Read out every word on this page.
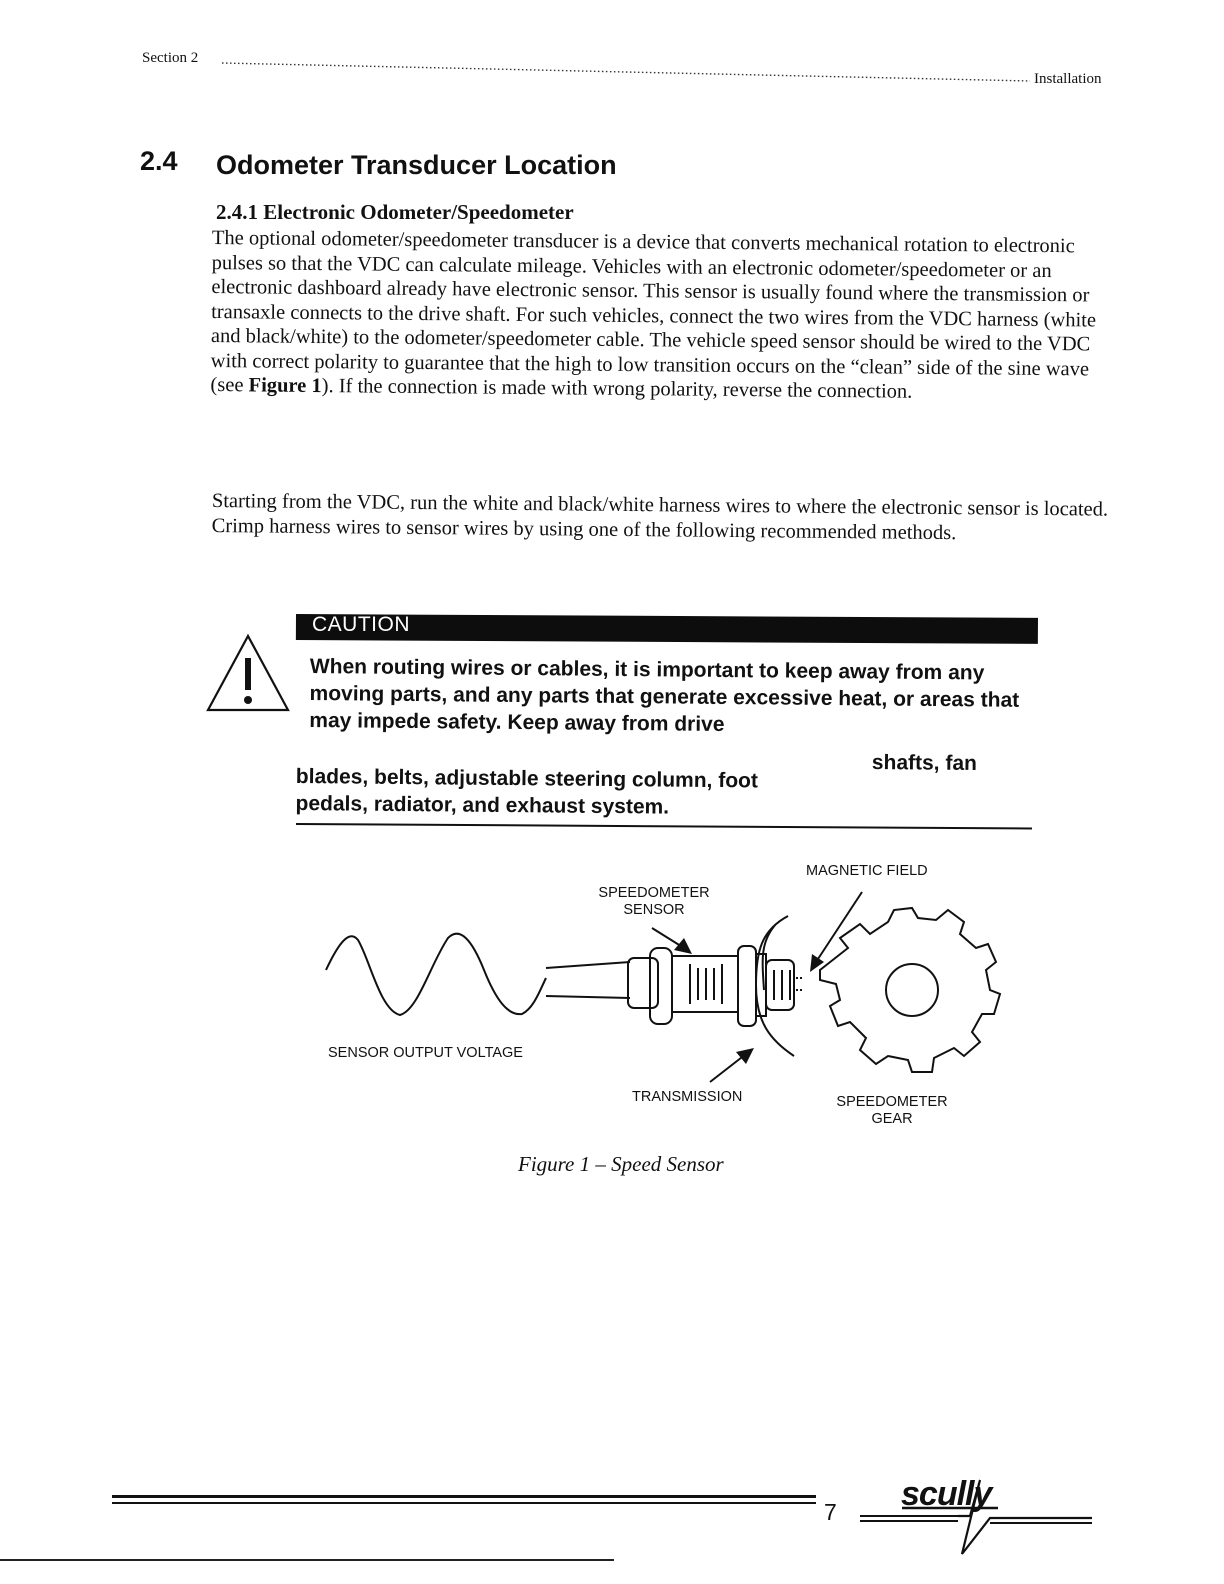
Section 2
Installation
2.4 Odometer Transducer Location
2.4.1 Electronic Odometer/Speedometer
The optional odometer/speedometer transducer is a device that converts mechanical rotation to electronic pulses so that the VDC can calculate mileage. Vehicles with an electronic odometer/speedometer or an electronic dashboard already have electronic sensor. This sensor is usually found where the transmission or transaxle connects to the drive shaft. For such vehicles, connect the two wires from the VDC harness (white and black/white) to the odometer/speedometer cable. The vehicle speed sensor should be wired to the VDC with correct polarity to guarantee that the high to low transition occurs on the “clean” side of the sine wave (see Figure 1). If the connection is made with wrong polarity, reverse the connection.
Starting from the VDC, run the white and black/white harness wires to where the electronic sensor is located. Crimp harness wires to sensor wires by using one of the following recommended methods.
CAUTION
When routing wires or cables, it is important to keep away from any moving parts, and any parts that generate excessive heat, or areas that may impede safety. Keep away from drive
shafts, fan
blades, belts, adjustable steering column, foot pedals, radiator, and exhaust system.
MAGNETIC FIELD
SPEEDOMETER SENSOR
SENSOR OUTPUT VOLTAGE
TRANSMISSION	SPEEDOMETER GEAR
Figure 1 – Speed Sensor
7 scully
